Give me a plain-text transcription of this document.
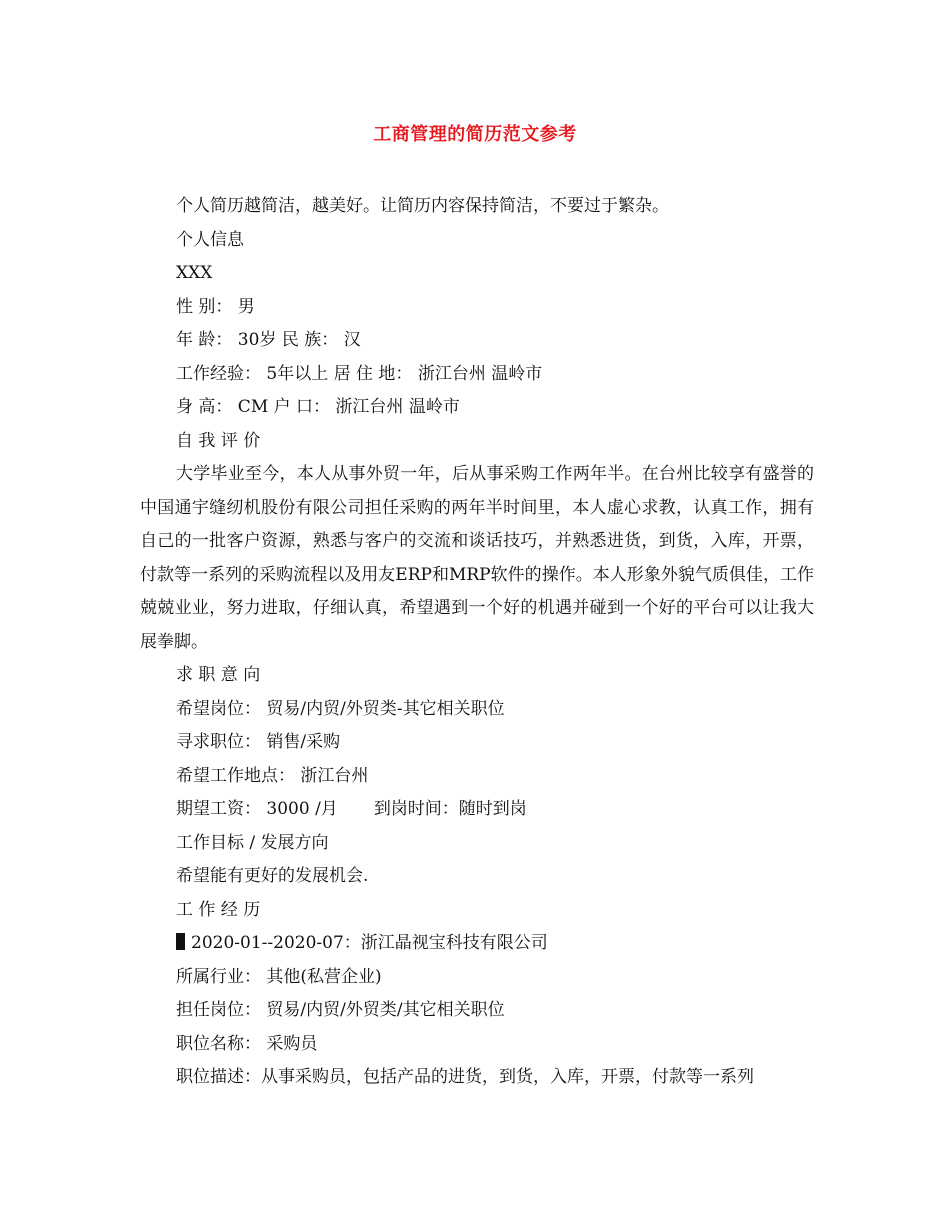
工商管理的简历范文参考
个人简历越简洁，越美好。让简历内容保持简洁，不要过于繁杂。
个人信息
XXX
性 别： 男
年 龄： 30岁 民 族： 汉
工作经验： 5年以上 居 住 地： 浙江台州 温岭市
身 高： CM 户 口： 浙江台州 温岭市
自 我 评 价
大学毕业至今，本人从事外贸一年，后从事采购工作两年半。在台州比较享有盛誉的中国通宇缝纫机股份有限公司担任采购的两年半时间里，本人虚心求教，认真工作，拥有自己的一批客户资源，熟悉与客户的交流和谈话技巧，并熟悉进货，到货，入库，开票，付款等一系列的采购流程以及用友ERP和MRP软件的操作。本人形象外貌气质俱佳，工作兢兢业业，努力进取，仔细认真，希望遇到一个好的机遇并碰到一个好的平台可以让我大展拳脚。
求 职 意 向
希望岗位： 贸易/内贸/外贸类-其它相关职位
寻求职位： 销售/采购
希望工作地点： 浙江台州
期望工资： 3000 /月 到岗时间：随时到岗
工作目标 / 发展方向
希望能有更好的发展机会.
工 作 经 历
2020-01--2020-07：浙江晶视宝科技有限公司
所属行业： 其他(私营企业)
担任岗位： 贸易/内贸/外贸类/其它相关职位
职位名称： 采购员
职位描述：从事采购员，包括产品的进货，到货，入库，开票，付款等一系列
